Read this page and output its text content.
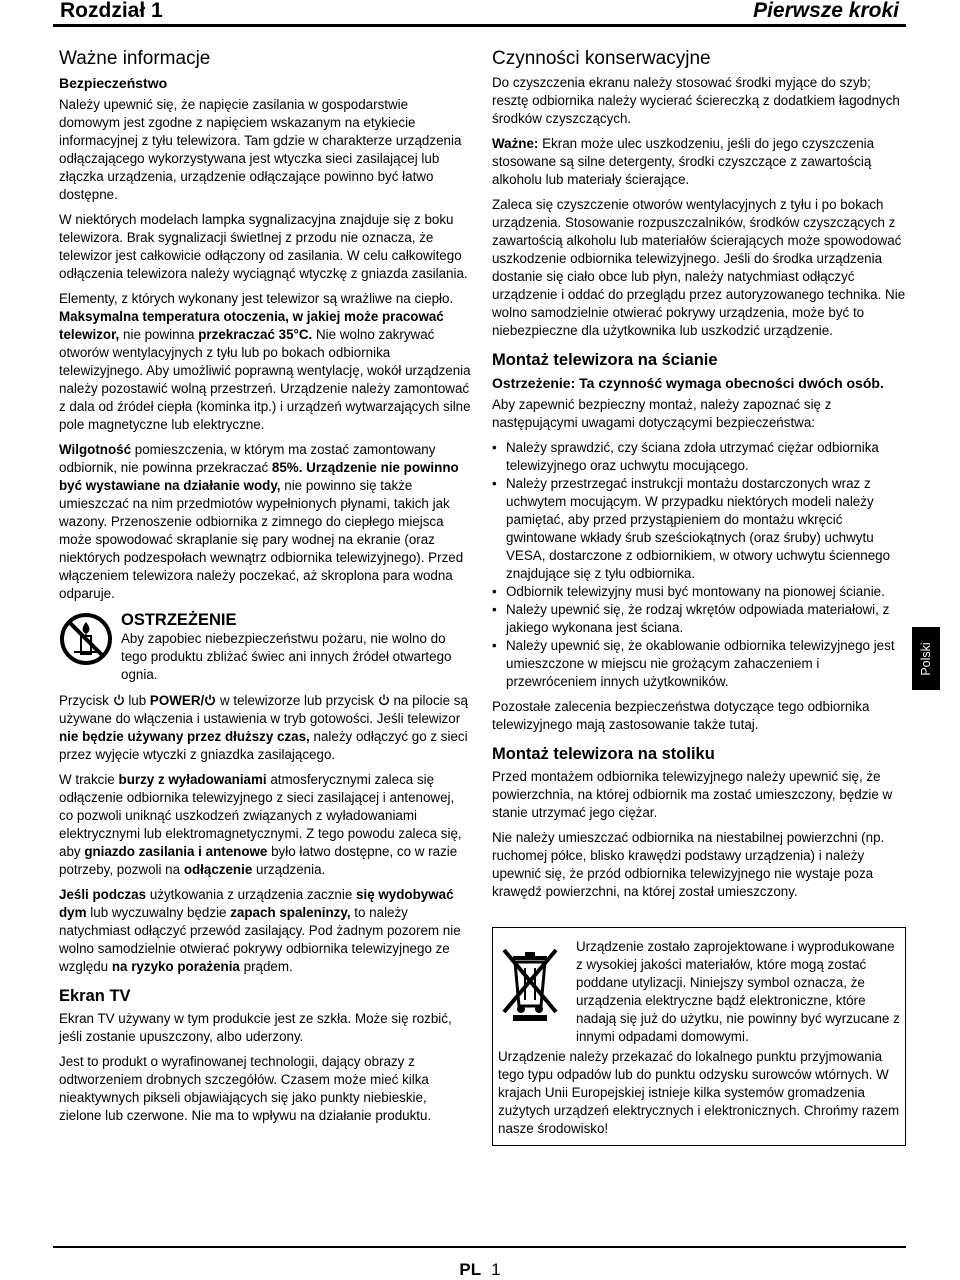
Rozdział 1	Pierwsze kroki
Ważne informacje
Bezpieczeństwo

Należy upewnić się, że napięcie zasilania w gospodarstwie domowym jest zgodne z napięciem wskazanym na etykiecie informacyjnej z tyłu telewizora. Tam gdzie w charakterze urządzenia odłączającego wykorzystywana jest wtyczka sieci zasilającej lub złączka urządzenia, urządzenie odłączające powinno być łatwo dostępne.

W niektórych modelach lampka sygnalizacyjna znajduje się z boku telewizora. Brak sygnalizacji świetlnej z przodu nie oznacza, że telewizor jest całkowicie odłączony od zasilania. W celu całkowitego odłączenia telewizora należy wyciągnąć wtyczkę z gniazda zasilania.

Elementy, z których wykonany jest telewizor są wrażliwe na ciepło. Maksymalna temperatura otoczenia, w jakiej może pracować telewizor, nie powinna przekraczać 35°C. Nie wolno zakrywać otworów wentylacyjnych z tyłu lub po bokach odbiornika telewizyjnego. Aby umożliwić poprawną wentylację, wokół urządzenia należy pozostawić wolną przestrzeń. Urządzenie należy zamontować z dala od źródeł ciepła (kominka itp.) i urządzeń wytwarzających silne pole magnetyczne lub elektryczne.

Wilgotność pomieszczenia, w którym ma zostać zamontowany odbiornik, nie powinna przekraczać 85%. Urządzenie nie powinno być wystawiane na działanie wody, nie powinno się także umieszczać na nim przedmiotów wypełnionych płynami, takich jak wazony. Przenoszenie odbiornika z zimnego do ciepłego miejsca może spowodować skraplanie się pary wodnej na ekranie (oraz niektórych podzespołach wewnątrz odbiornika telewizyjnego). Przed włączeniem telewizora należy poczekać, aż skroplona para wodna odparuje.

OSTRZEŻENIE
Aby zapobiec niebezpieczeństwu pożaru, nie wolno do tego produktu zbliżać świec ani innych źródeł otwartego ognia.

Przycisk lub POWER/ w telewizorze lub przycisk na pilocie są używane do włączenia i ustawienia w tryb gotowości. Jeśli telewizor nie będzie używany przez dłuższy czas, należy odłączyć go z sieci przez wyjęcie wtyczki z gniazdka zasilającego.

W trakcie burzy z wyładowaniami atmosferycznymi zaleca się odłączenie odbiornika telewizyjnego z sieci zasilającej i antenowej, co pozwoli uniknąć uszkodzeń związanych z wyładowaniami elektrycznymi lub elektromagnetycznymi. Z tego powodu zaleca się, aby gniazdo zasilania i antenowe było łatwo dostępne, co w razie potrzeby, pozwoli na odłączenie urządzenia.

Jeśli podczas użytkowania z urządzenia zacznie się wydobywać dym lub wyczuwalny będzie zapach spaleninzy, to należy natychmiast odłączyć przewód zasilający. Pod żadnym pozorem nie wolno samodzielnie otwierać pokrywy odbiornika telewizyjnego ze względu na ryzyko porażenia prądem.

Ekran TV

Ekran TV używany w tym produkcie jest ze szkła. Może się rozbić, jeśli zostanie upuszczony, albo uderzony.

Jest to produkt o wyrafinowanej technologii, dający obrazy z odtworzeniem drobnych szczegółów. Czasem może mieć kilka nieaktywnych pikseli objawiających się jako punkty niebieskie, zielone lub czerwone. Nie ma to wpływu na działanie produktu.

Czynności konserwacyjne

Do czyszczenia ekranu należy stosować środki myjące do szyb; resztę odbiornika należy wycierać ściereczką z dodatkiem łagodnych środków czyszczących.

Ważne: Ekran może ulec uszkodzeniu, jeśli do jego czyszczenia stosowane są silne detergenty, środki czyszczące z zawartością alkoholu lub materiały ścierające.

Zaleca się czyszczenie otworów wentylacyjnych z tyłu i po bokach urządzenia. Stosowanie rozpuszczalników, środków czyszczących z zawartością alkoholu lub materiałów ścierających może spowodować uszkodzenie odbiornika telewizyjnego. Jeśli do środka urządzenia dostanie się ciało obce lub płyn, należy natychmiast odłączyć urządzenie i oddać do przeglądu przez autoryzowanego technika. Nie wolno samodzielnie otwierać pokrywy urządzenia, może być to niebezpieczne dla użytkownika lub uszkodzić urządzenie.

Montaż telewizora na ścianie
Ostrzeżenie: Ta czynność wymaga obecności dwóch osób.

Aby zapewnić bezpieczny montaż, należy zapoznać się z następującymi uwagami dotyczącymi bezpieczeństwa:

• Należy sprawdzić, czy ściana zdoła utrzymać ciężar odbiornika telewizyjnego oraz uchwytu mocującego.
• Należy przestrzegać instrukcji montażu dostarczonych wraz z uchwytem mocującym. W przypadku niektórych modeli należy pamiętać, aby przed przystąpieniem do montażu wkręcić gwintowane wkłady śrub sześciokątnych (oraz śruby) uchwytu VESA, dostarczone z odbiornikiem, w otwory uchwytu ściennego znajdujące się z tyłu odbiornika.
• Odbiornik telewizyjny musi być montowany na pionowej ścianie.
• Należy upewnić się, że rodzaj wkrętów odpowiada materiałowi, z jakiego wykonana jest ściana.
• Należy upewnić się, że okablowanie odbiornika telewizyjnego jest umieszczone w miejscu nie grożącym zahaczeniem i przewróceniem innych użytkowników.

Pozostałe zalecenia bezpieczeństwa dotyczące tego odbiornika telewizyjnego mają zastosowanie także tutaj.

Montaż telewizora na stoliku

Przed montażem odbiornika telewizyjnego należy upewnić się, że powierzchnia, na której odbiornik ma zostać umieszczony, będzie w stanie utrzymać jego ciężar.

Nie należy umieszczać odbiornika na niestabilnej powierzchni (np. ruchomej półce, blisko krawędzi podstawy urządzenia) i należy upewnić się, że przód odbiornika telewizyjnego nie wystaje poza krawędź powierzchni, na której został umieszczony.

Urządzenie zostało zaprojektowane i wyprodukowane z wysokiej jakości materiałów, które mogą zostać poddane utylizacji. Niniejszy symbol oznacza, że urządzenia elektryczne bądź elektroniczne, które nadają się już do użytku, nie powinny być wyrzucane z innymi odpadami domowymi.

Urządzenie należy przekazać do lokalnego punktu przyjmowania tego typu odpadów lub do punktu odzysku surowców wtórnych. W krajach Unii Europejskiej istnieje kilka systemów gromadzenia zużytych urządzeń elektrycznych i elektronicznych. Chrońmy razem nasze środowisko!

Polski
PL 1
